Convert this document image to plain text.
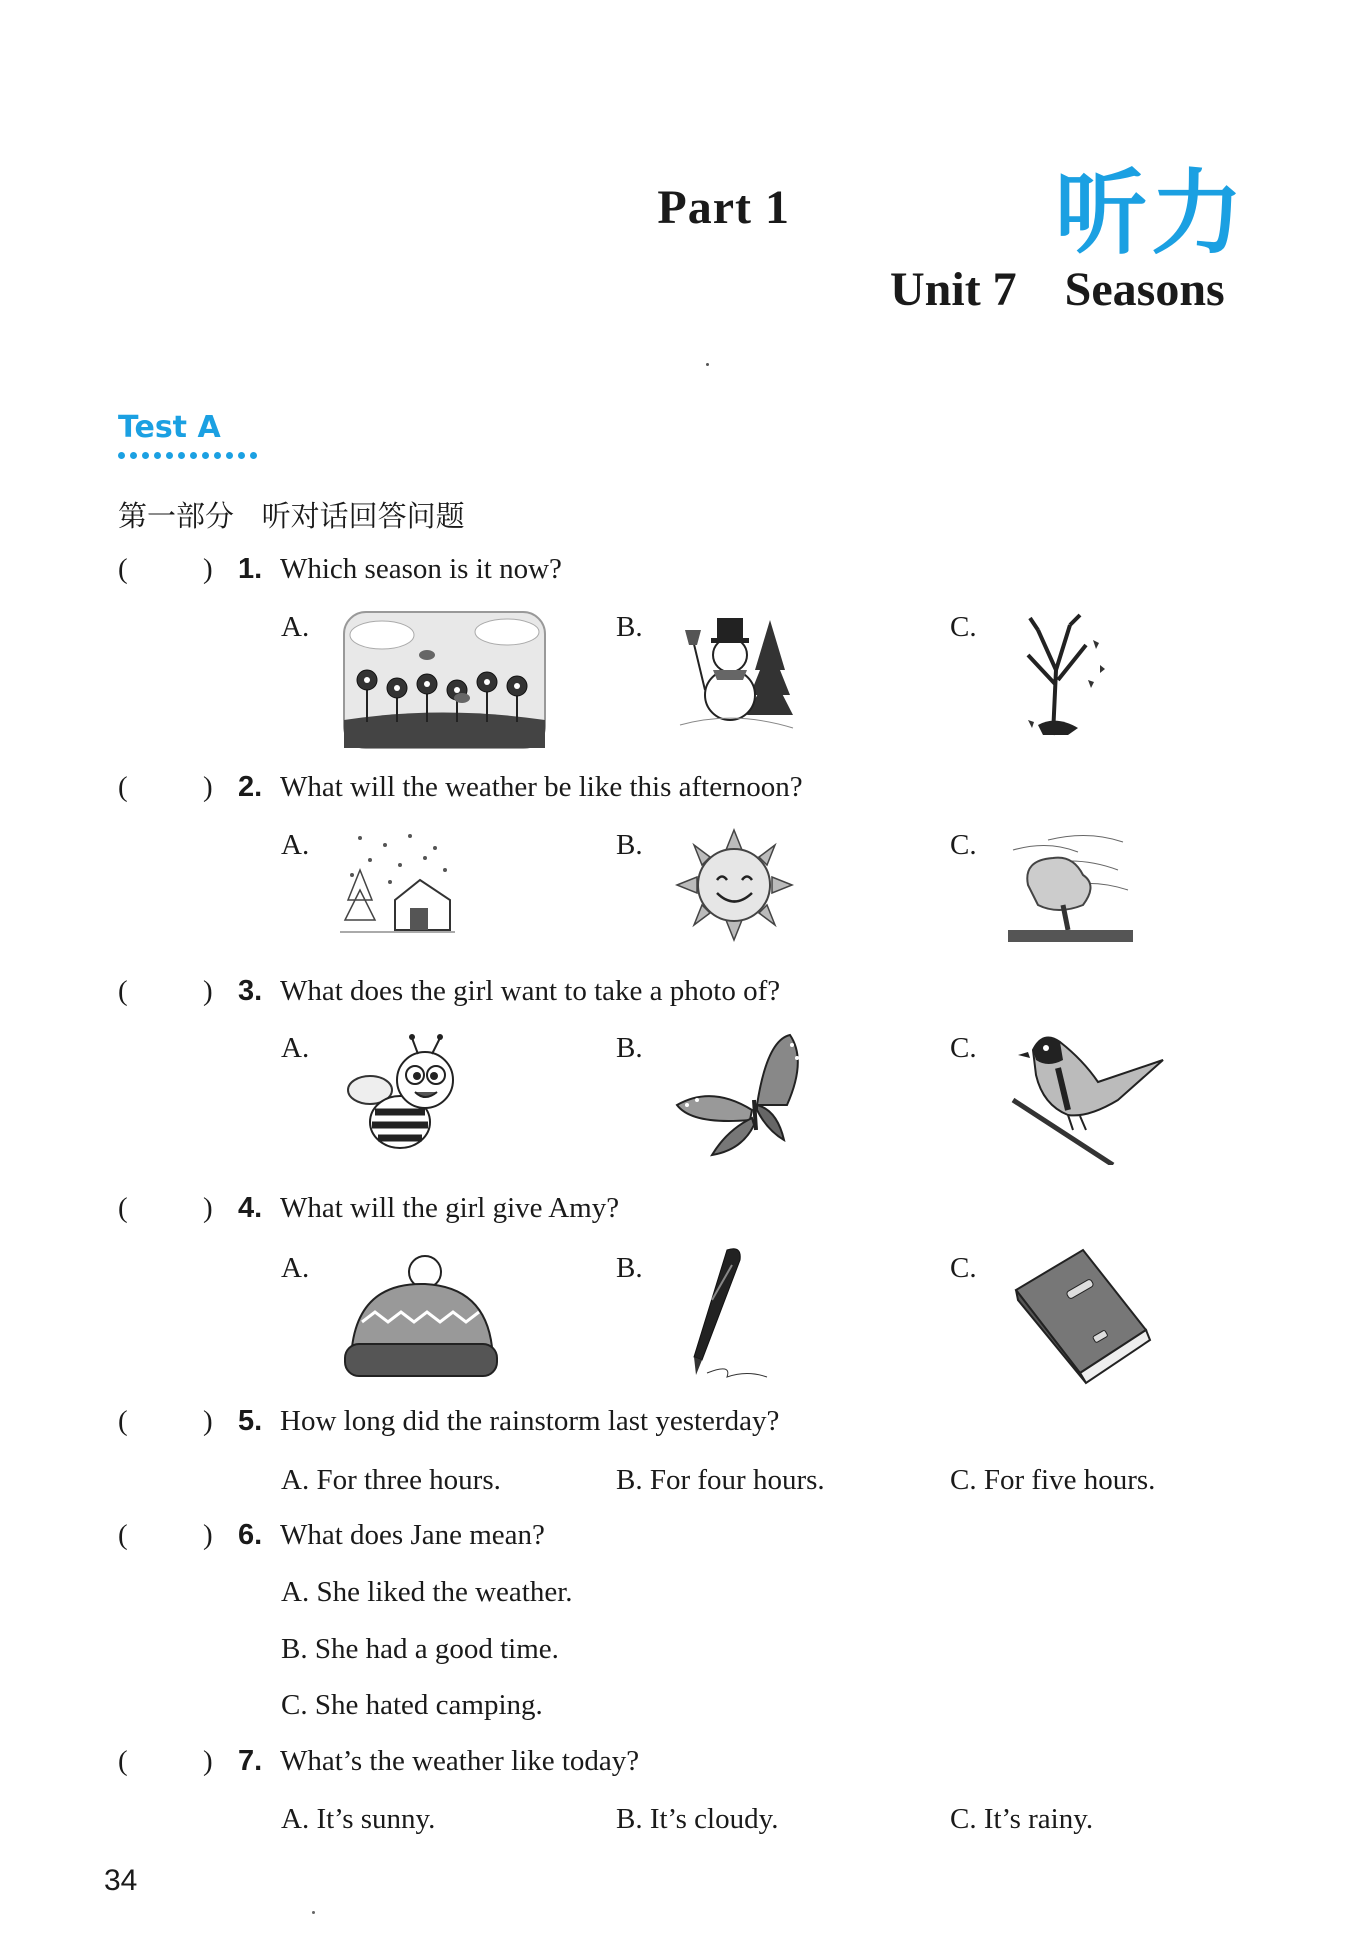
Part 1	听力
Unit 7    Seasons
Test A
第一部分   听对话回答问题
(	) 1. Which season is it now?
A.	B.	C.
(	) 2. What will the weather be like this afternoon?
A.	B.	C.
(	) 3. What does the girl want to take a photo of?
A.	B.	C.
(	) 4. What will the girl give Amy?
A.	B.	C.
(	) 5. How long did the rainstorm last yesterday?
A. For three hours.	B. For four hours.	C. For five hours.
(	) 6. What does Jane mean?
A. She liked the weather.
B. She had a good time.
C. She hated camping.
(	) 7. What’s the weather like today?
A. It’s sunny.	B. It’s cloudy.	C. It’s rainy.
34
